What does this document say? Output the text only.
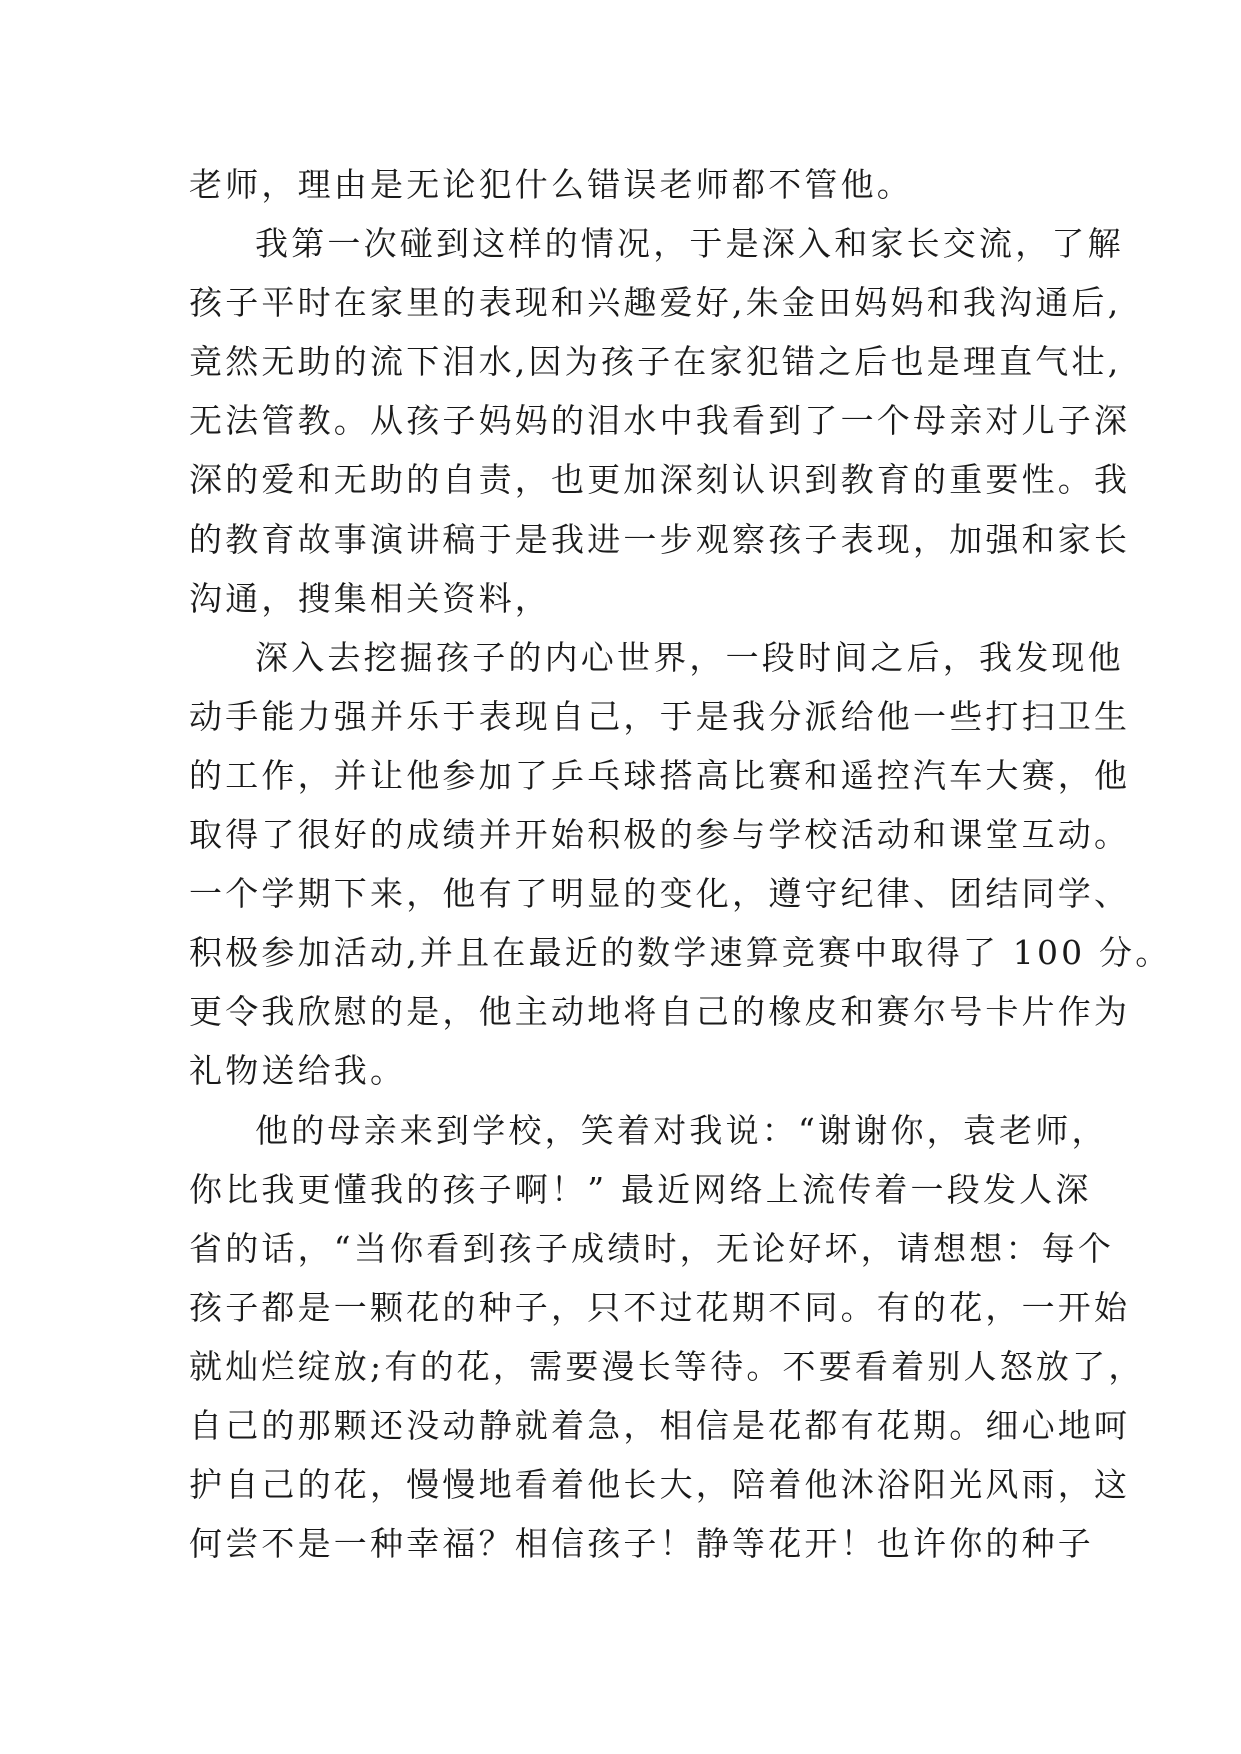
老师，理由是无论犯什么错误老师都不管他。
我第一次碰到这样的情况，于是深入和家长交流，了解
孩子平时在家里的表现和兴趣爱好,朱金田妈妈和我沟通后,
竟然无助的流下泪水,因为孩子在家犯错之后也是理直气壮,
无法管教。从孩子妈妈的泪水中我看到了一个母亲对儿子深
深的爱和无助的自责，也更加深刻认识到教育的重要性。我
的教育故事演讲稿于是我进一步观察孩子表现，加强和家长
沟通，搜集相关资料，
深入去挖掘孩子的内心世界，一段时间之后，我发现他
动手能力强并乐于表现自己，于是我分派给他一些打扫卫生
的工作，并让他参加了乒乓球搭高比赛和遥控汽车大赛，他
取得了很好的成绩并开始积极的参与学校活动和课堂互动。
一个学期下来，他有了明显的变化，遵守纪律、团结同学、
积极参加活动,并且在最近的数学速算竞赛中取得了 100 分。
更令我欣慰的是，他主动地将自己的橡皮和赛尔号卡片作为
礼物送给我。
他的母亲来到学校，笑着对我说：“谢谢你，袁老师，
你比我更懂我的孩子啊！” 最近网络上流传着一段发人深
省的话，“当你看到孩子成绩时，无论好坏，请想想：每个
孩子都是一颗花的种子，只不过花期不同。有的花，一开始
就灿烂绽放;有的花，需要漫长等待。不要看着别人怒放了，
自己的那颗还没动静就着急，相信是花都有花期。细心地呵
护自己的花，慢慢地看着他长大，陪着他沐浴阳光风雨，这
何尝不是一种幸福？相信孩子！静等花开！也许你的种子
